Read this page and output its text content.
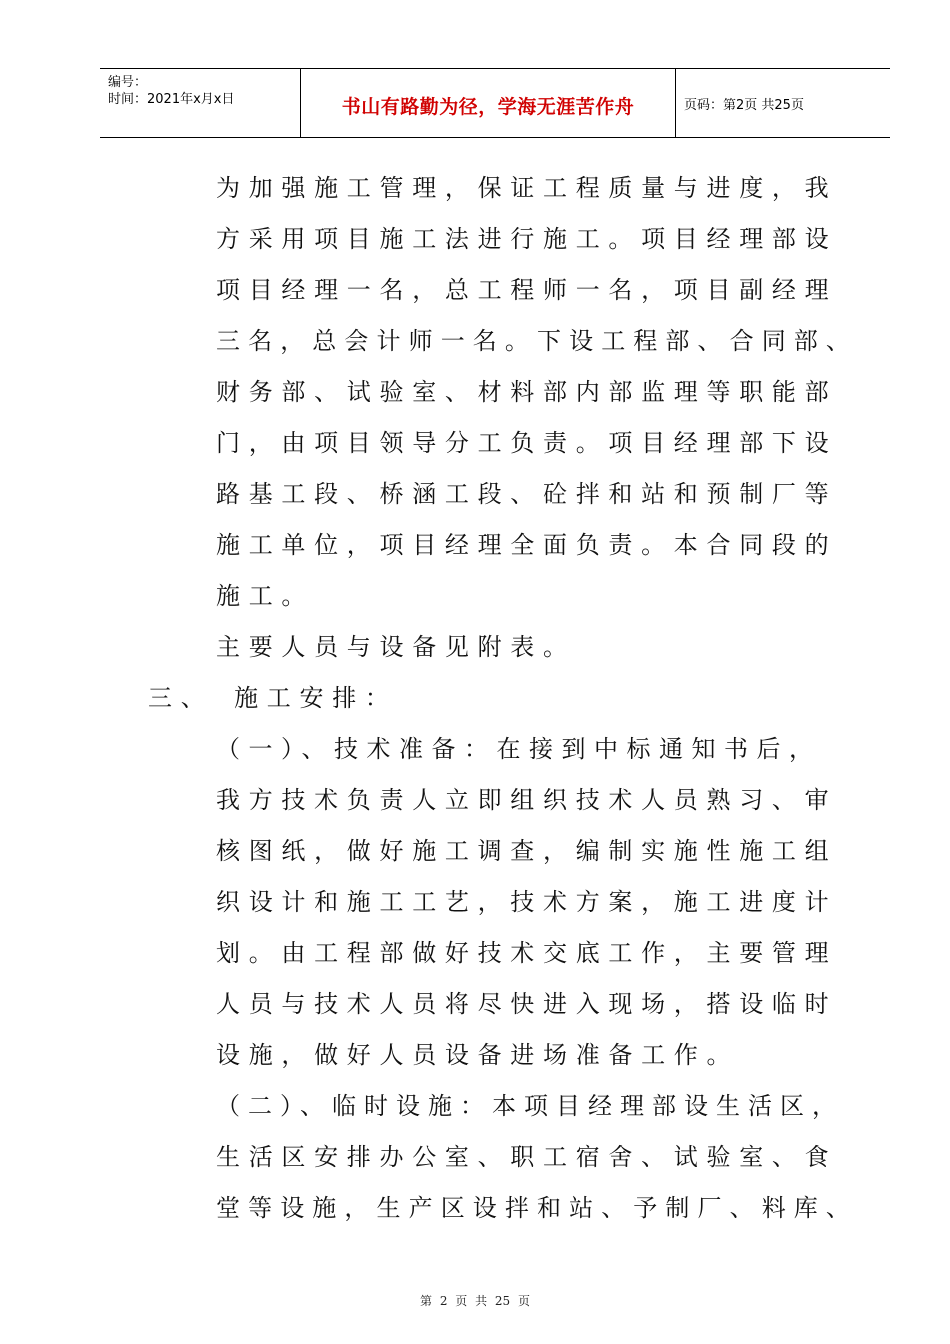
编号：
时间：2021年x月x日	书山有路勤为径，学海无涯苦作舟	页码：第2页 共25页
为加强施工管理，保证工程质量与进度，我
方采用项目施工法进行施工。项目经理部设
项目经理一名，总工程师一名，项目副经理
三名，总会计师一名。下设工程部、合同部、
财务部、试验室、材料部内部监理等职能部
门，由项目领导分工负责。项目经理部下设
路基工段、桥涵工段、砼拌和站和预制厂等
施工单位，项目经理全面负责。本合同段的
施工。
主要人员与设备见附表。
三、　施工安排：
（一）、技术准备：在接到中标通知书后，
我方技术负责人立即组织技术人员熟习、审
核图纸，做好施工调查，编制实施性施工组
织设计和施工工艺，技术方案，施工进度计
划。由工程部做好技术交底工作，主要管理
人员与技术人员将尽快进入现场，搭设临时
设施，做好人员设备进场准备工作。
（二）、临时设施：本项目经理部设生活区，
生活区安排办公室、职工宿舍、试验室、食
堂等设施，生产区设拌和站、予制厂、料库、
第 2 页 共 25 页
